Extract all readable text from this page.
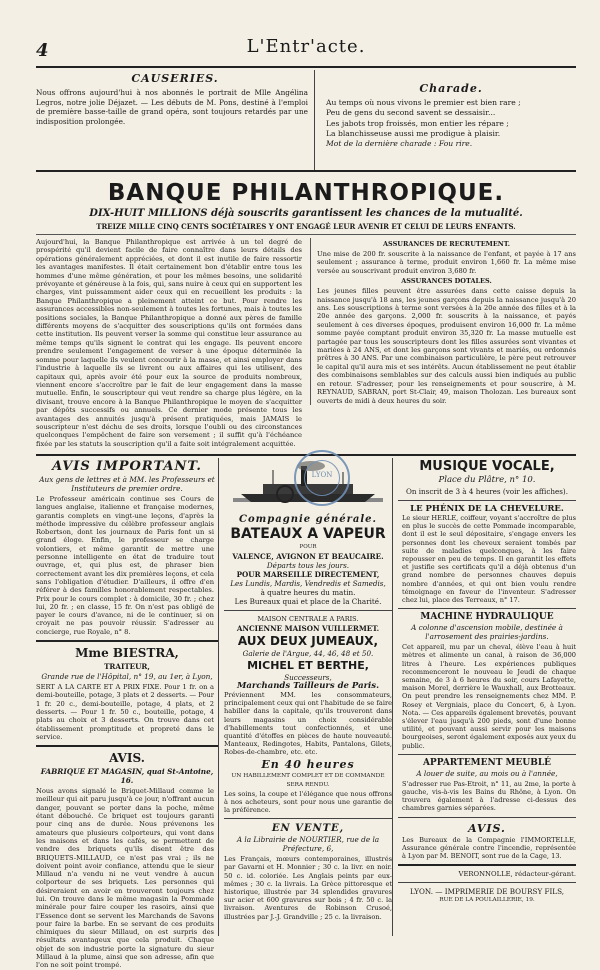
4	L'Entr'acte.
CAUSERIES.

Nous offrons aujourd'hui à nos abonnés le portrait de Mlle Angélina Legros, notre jolie Déjazet. — Les débuts de M. Pons, destiné à l'emploi de première basse-taille de grand opéra, sont toujours retardés par une indisposition prolongée.

Charade.

Au temps où nous vivons le premier est bien rare ;

Peu de gens du second savent se dessaisir...

Les jabots trop froissés, mon entier les répare ;

La blanchisseuse aussi me prodigue à plaisir.

Mot de la dernière charade : Fou rire.

BANQUE PHILANTHROPIQUE.
DIX-HUIT MILLIONS déjà souscrits garantissent les chances de la mutualité.
TREIZE MILLE CINQ CENTS SOCIÉTAIRES Y ONT ENGAGÉ LEUR AVENIR ET CELUI DE LEURS ENFANTS.

Aujourd'hui, la Banque Philanthropique est arrivée à un tel degré de prospérité qu'il devient facile de faire connaître dans leurs détails des opérations généralement appréciées, et dont il est inutile de faire ressortir les avantages manifestes. Il était certainement bon d'établir entre tous les hommes d'une même génération, et pour les mêmes besoins, une solidarité prévoyante et généreuse à la fois, qui, sans nuire à ceux qui en supportent les charges, vint puissamment aider ceux qui en recueillent les produits : la Banque Philanthropique a pleinement atteint ce but. Pour rendre les assurances accessibles non-seulement à toutes les fortunes, mais à toutes les positions sociales, la Banque Philanthropique a donné aux pères de famille différents moyens de s'acquitter des souscriptions qu'ils ont formées dans cette institution. Ils peuvent verser la somme qui constitue leur assurance au même temps qu'ils signent le contrat qui les engage. Ils peuvent encore prendre seulement l'engagement de verser à une époque déterminée la somme pour laquelle ils veulent concourir à la masse, et ainsi employer dans l'industrie à laquelle ils se livrent ou aux affaires qui les utilisent, des capitaux qui, après avoir été pour eux la source de produits nombreux, viennent encore s'accroître par le fait de leur engagement dans la masse mutuelle. Enfin, le souscripteur qui veut rendre sa charge plus légère, en la divisant, trouve encore à la Banque Philanthropique le moyen de s'acquitter par dépôts successifs ou annuels. Ce dernier mode présente tous les avantages des annuités jusqu'à présent pratiquées, mais JAMAIS le souscripteur n'est déchu de ses droits, lorsque l'oubli ou des circonstances quelconques l'empêchent de faire son versement ; il suffit qu'à l'échéance fixée par les statuts la souscription qu'il a faite soit intégralement acquittée.

ASSURANCES DE RECRUTEMENT.

Une mise de 200 fr. souscrite à la naissance de l'enfant, et payée à 17 ans seulement ; assurance à terme, produit environ 1,660 fr. La même mise versée au souscrivant produit environ 3,680 fr.

ASSURANCES DOTALES.

Les jeunes filles peuvent être assurées dans cette caisse depuis la naissance jusqu'à 18 ans, les jeunes garçons depuis la naissance jusqu'à 20 ans. Les souscriptions à terme sont versées à la 20e année des filles et à la 20e année des garçons. 2,000 fr. souscrits à la naissance, et payés seulement à ces diverses époques, produisent environ 16,000 fr. La même somme payée comptant produit environ 35,320 fr. La masse mutuelle est partagée par tous les souscripteurs dont les filles assurées sont vivantes et mariées à 24 ANS, et dont les garçons sont vivants et mariés, ou ordonnés prêtres à 30 ANS. Par une combinaison particulière, le père peut retrouver le capital qu'il aura mis et ses intérêts. Aucun établissement ne peut établir des combinaisons semblables sur des calculs aussi bien indiqués au public en retour. S'adresser, pour les renseignements et pour souscrire, à M. REYNAUD, SABRAN, port St-Clair, 49, maison Tholozan. Les bureaux sont ouverts de midi à deux heures du soir.

AVIS IMPORTANT.
Aux gens de lettres et à MM. les Professeurs et Instituteurs de premier ordre.

Le Professeur américain continue ses Cours de langues anglaise, italienne et française modernes, garantis complets en vingt-une leçons, d'après la méthode impressive du célèbre professeur anglais Robertson, dont les journaux de Paris font un si grand éloge. Enfin, le professeur se charge volontiers, et même garantit de mettre une personne intelligente en état de traduire tout ouvrage, et, qui plus est, de phraser bien correctement avant les dix premières leçons, et cela sans l'obligation d'étudier. D'ailleurs, il offre d'en référer à des familles honorablement respectables. Prix pour le cours complet : à domicile, 30 fr. ; chez lui, 20 fr. ; en classe, 15 fr. On n'est pas obligé de payer le cours d'avance, ni de le continuer, si on croyait ne pas pouvoir réussir. S'adresser au concierge, rue Royale, n° 8.

Mme BIESTRA,
TRAITEUR,
Grande rue de l'Hôpital, n° 19, au 1er, à Lyon,

SERT A LA CARTE ET A PRIX FIXE. Pour 1 fr. on a demi-bouteille, potage, 3 plats et 2 desserts. — Pour 1 fr. 20 c., demi-bouteille, potage, 4 plats, et 2 desserts. — Pour 1 fr. 50 c., bouteille, potage, 4 plats au choix et 3 desserts. On trouve dans cet établissement promptitude et propreté dans le service.

AVIS.
FABRIQUE ET MAGASIN, quai St-Antoine, 16.

Nous avons signalé le Briquet-Millaud comme le meilleur qui ait paru jusqu'à ce jour, n'offrant aucun danger, pouvant se porter dans la poche, même étant débouché. Ce briquet est toujours garanti pour cinq ans de durée. Nous prévenons les amateurs que plusieurs colporteurs, qui vont dans les maisons et dans les cafés, se permettent de vendre des briquets qu'ils disent être des BRIQUETS-MILLAUD, ce n'est pas vrai ; ils ne doivent point avoir confiance, attendu que le sieur Millaud n'a vendu ni ne veut vendre à aucun colporteur de ses briquets. Les personnes qui désireraient en avoir en trouveront toujours chez lui. On trouve dans le même magasin la Pommade minérale pour faire couper les rasoirs, ainsi que l'Essence dont se servent les Marchands de Savons pour faire la barbe. En se servant de ces produits chimiques du sieur Millaud, on est surpris des résultats avantageux que cela produit. Chaque objet de son industrie porte la signature du sieur Millaud à la plume, ainsi que son adresse, afin que l'on ne soit point trompé.

LYON
Compagnie générale.
BATEAUX A VAPEUR
POUR
VALENCE, AVIGNON ET BEAUCAIRE.
Départs tous les jours.
POUR MARSEILLE DIRECTEMENT,
Les Lundis, Mardis, Vendredis et Samedis,
à quatre heures du matin.
Les Bureaux quai et place de la Charité.
MAISON CENTRALE A PARIS.
ANCIENNE MAISON VUILLERMET.
AUX DEUX JUMEAUX,
Galerie de l'Argue, 44, 46, 48 et 50.
MICHEL ET BERTHE,
Successeurs,
Marchands Tailleurs de Paris.

Préviennent MM. les consommateurs, principalement ceux qui ont l'habitude de se faire habiller dans la capitale, qu'ils trouveront dans leurs magasins un choix considérable d'habillements tout confectionnés, et une quantité d'étoffes en pièces de haute nouveauté. Manteaux, Redingotes, Habits, Pantalons, Gilets, Robes-de-chambre, etc. etc.

En 40 heures
UN HABILLEMENT COMPLET ET DE COMMANDE SERA RENDU.

Les soins, la coupe et l'élégance que nous offrons à nos acheteurs, sont pour nous une garantie de la préférence.

EN VENTE,
A la Librairie de NOURTIER, rue de la Préfecture, 6,

Les Français, mœurs contemporaines, illustrés par Gavarni et H. Monnier ; 30 c. la livr. en noir. 50 c. id. coloriée. Les Anglais peints par eux-mêmes ; 30 c. la livrais. La Grèce pittoresque et historique, illustrée par 34 splendides gravures sur acier et 600 gravures sur bois ; 4 fr. 50 c. la livraison. Aventures de Robinson Crusoé, illustrées par J.-J. Grandville ; 25 c. la livraison.

MUSIQUE VOCALE,
Place du Plâtre, n° 10.
On inscrit de 3 à 4 heures (voir les affiches).
LE PHÉNIX DE LA CHEVELURE.

Le sieur HERLE, coiffeur, voyant s'accroître de plus en plus le succès de cette Pommade incomparable, dont il est le seul dépositaire, s'engage envers les personnes dont les cheveux seraient tombés par suite de maladies quelconques, à les faire repousser en peu de temps. Il en garantit les effets et justifie ses certificats qu'il a déjà obtenus d'un grand nombre de personnes chauves depuis nombre d'années, et qui ont bien voulu rendre témoignage en faveur de l'inventeur. S'adresser chez lui, place des Terreaux, n° 17.

MACHINE HYDRAULIQUE
A colonne d'ascension mobile, destinée à l'arrosement des prairies-jardins.

Cet appareil, mu par un cheval, élève l'eau à huit mètres et alimente un canal, à raison de 36,000 litres à l'heure. Les expériences publiques recommenceront le nouveau le Jeudi de chaque semaine, de 3 à 6 heures du soir, cours Lafayette, maison Morel, derrière le Wauxhall, aux Brotteaux. On peut prendre les renseignements chez MM. P. Rosey et Vergniais, place du Concert, 6, à Lyon. Nota. — Ces appareils également brevetés, pouvant s'élever l'eau jusqu'à 200 pieds, sont d'une bonne utilité, et pouvant aussi servir pour les maisons bourgeoises, seront également exposés aux yeux du public.

APPARTEMENT MEUBLÉ
A louer de suite, au mois ou à l'année,

S'adresser rue Pas-Etroit, n° 11, au 2me, la porte à gauche, vis-à-vis les Bains du Rhône, à Lyon. On trouvera également à l'adresse ci-dessus des chambres garnies séparées.

AVIS.

Les Bureaux de la Compagnie l'IMMORTELLE, Assurance générale contre l'incendie, représentée à Lyon par M. BENOIT, sont rue de la Cage, 13.

VERONNOLLE, rédacteur-gérant.
LYON. — IMPRIMERIE DE BOURSY FILS,
RUE DE LA POULAILLERIE, 19.
